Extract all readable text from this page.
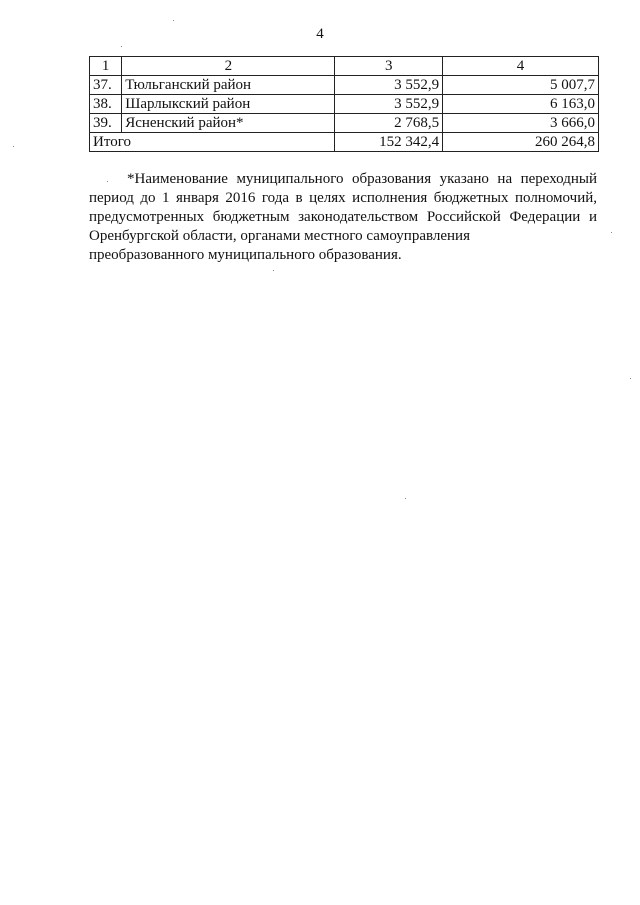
4
1	2	3	4
37.	Тюльганский район	3 552,9	5 007,7
38.	Шарлыкский район	3 552,9	6 163,0
39.	Ясненский район*	2 768,5	3 666,0
Итого		152 342,4	260 264,8

*Наименование муниципального образования указано на переходный период до 1 января 2016 года в целях исполнения бюджетных полномочий, предусмотренных бюджетным законодательством Российской Федерации и Оренбургской области, органами местного самоуправления

преобразованного муниципального образования.
